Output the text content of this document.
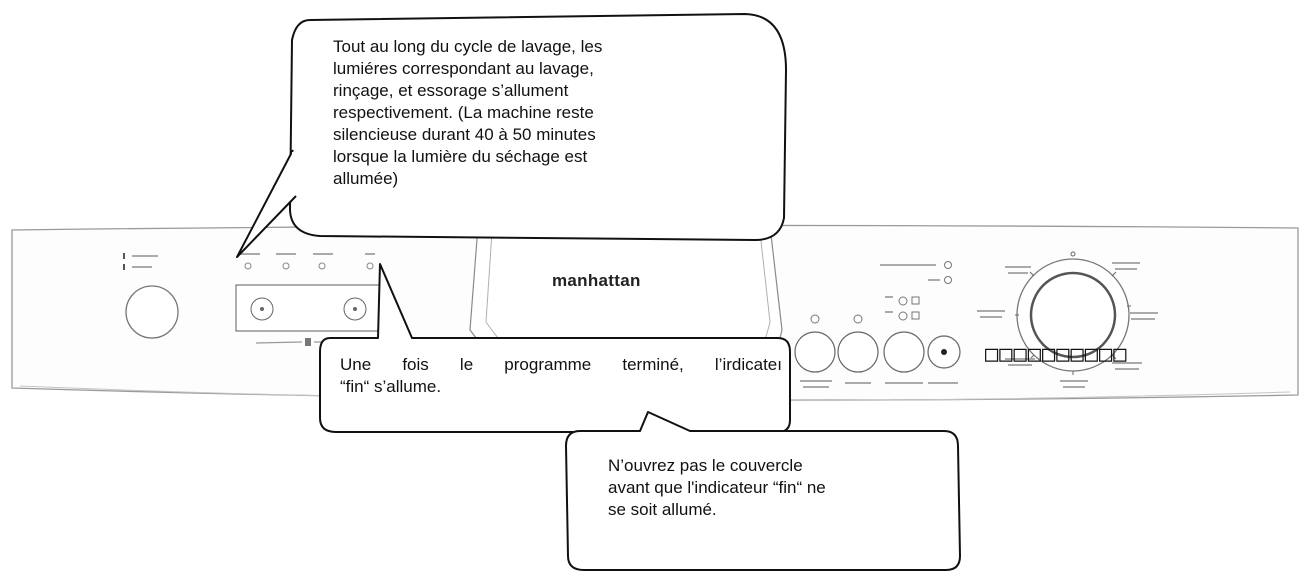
manhattan
Tout au long du cycle de lavage, les
lumiéres correspondant au lavage,
rinçage, et essorage s’allument
respectivement. (La machine reste
silencieuse durant 40 à 50 minutes
lorsque la lumière du séchage est
allumée)
Une fois le programme terminé, l’irdicateı
“fin“ s’allume.
N’ouvrez pas le couvercle
avant que l'indicateur “fin“ ne
se soit allumé.
□□□□□□□□□□
